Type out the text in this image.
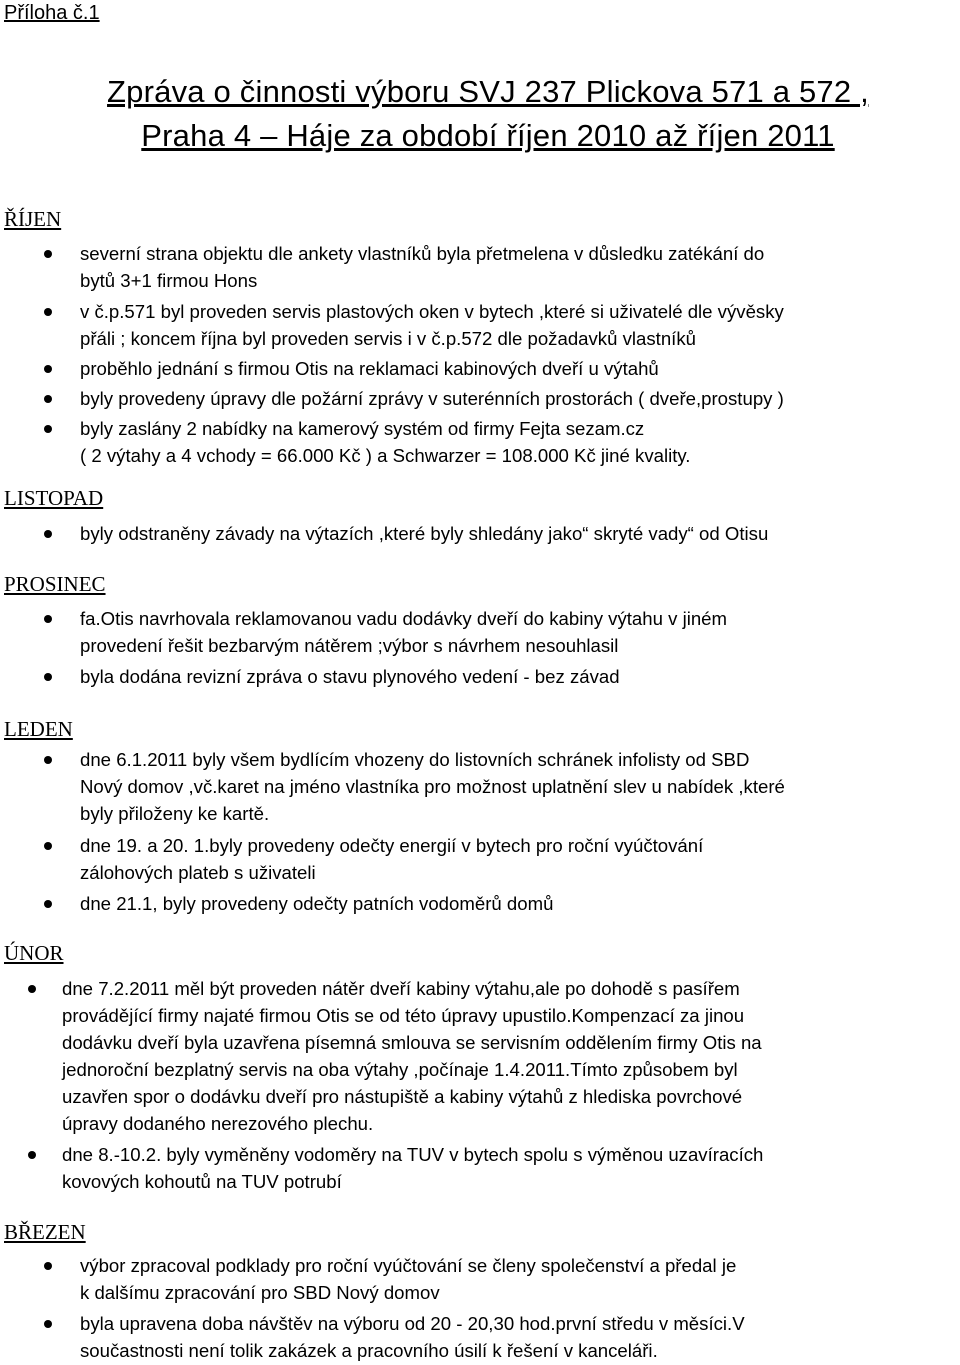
Příloha č.1
Zpráva o činnosti výboru SVJ 237 Plickova 571 a 572 ,
Praha 4 – Háje za období říjen 2010 až říjen 2011
ŘÍJEN
severní strana objektu dle ankety vlastníků byla přetmelena v důsledku zatékání do
bytů 3+1 firmou Hons
v č.p.571 byl proveden servis plastových oken v bytech ,které si uživatelé dle vývěsky
přáli ; koncem října byl proveden servis i v č.p.572 dle požadavků vlastníků
proběhlo jednání s firmou Otis na reklamaci kabinových dveří u výtahů
byly provedeny úpravy dle požární zprávy v suterénních prostorách ( dveře,prostupy )
byly zaslány 2 nabídky na kamerový systém od firmy Fejta sezam.cz
( 2 výtahy a 4 vchody = 66.000 Kč ) a Schwarzer = 108.000 Kč jiné kvality.
LISTOPAD
byly odstraněny závady na výtazích ,které byly shledány jako“ skryté vady“ od Otisu
PROSINEC
fa.Otis navrhovala reklamovanou vadu dodávky dveří do kabiny výtahu v jiném
provedení řešit bezbarvým nátěrem ;výbor s návrhem nesouhlasil
byla dodána revizní zpráva o stavu plynového vedení - bez závad
LEDEN
dne 6.1.2011 byly všem bydlícím vhozeny do listovních schránek infolisty od SBD
Nový domov ,vč.karet na jméno vlastníka pro možnost uplatnění slev u nabídek ,které
byly přiloženy ke kartě.
dne 19. a 20. 1.byly provedeny odečty energií v bytech pro roční vyúčtování
zálohových plateb s uživateli
dne 21.1, byly provedeny odečty patních vodoměrů domů
ÚNOR
dne 7.2.2011 měl být proveden nátěr dveří kabiny výtahu,ale po dohodě s pasířem
provádějící firmy najaté firmou Otis se od této úpravy upustilo.Kompenzací za jinou
dodávku dveří byla uzavřena písemná smlouva se servisním oddělením firmy Otis na
jednoroční bezplatný servis na oba výtahy ,počínaje 1.4.2011.Tímto způsobem byl
uzavřen spor o dodávku dveří pro nástupiště a kabiny výtahů z hlediska povrchové
úpravy dodaného nerezového plechu.
dne 8.-10.2. byly vyměněny vodoměry na TUV v bytech spolu s výměnou uzavíracích
kovových kohoutů na TUV potrubí
BŘEZEN
výbor zpracoval podklady pro roční vyúčtování se členy společenství a předal je
k dalšímu zpracování pro SBD Nový domov
byla upravena doba návštěv na výboru od 20 - 20,30 hod.první středu v měsíci.V
součastnosti není tolik zakázek a pracovního úsilí k řešení v kanceláři.
